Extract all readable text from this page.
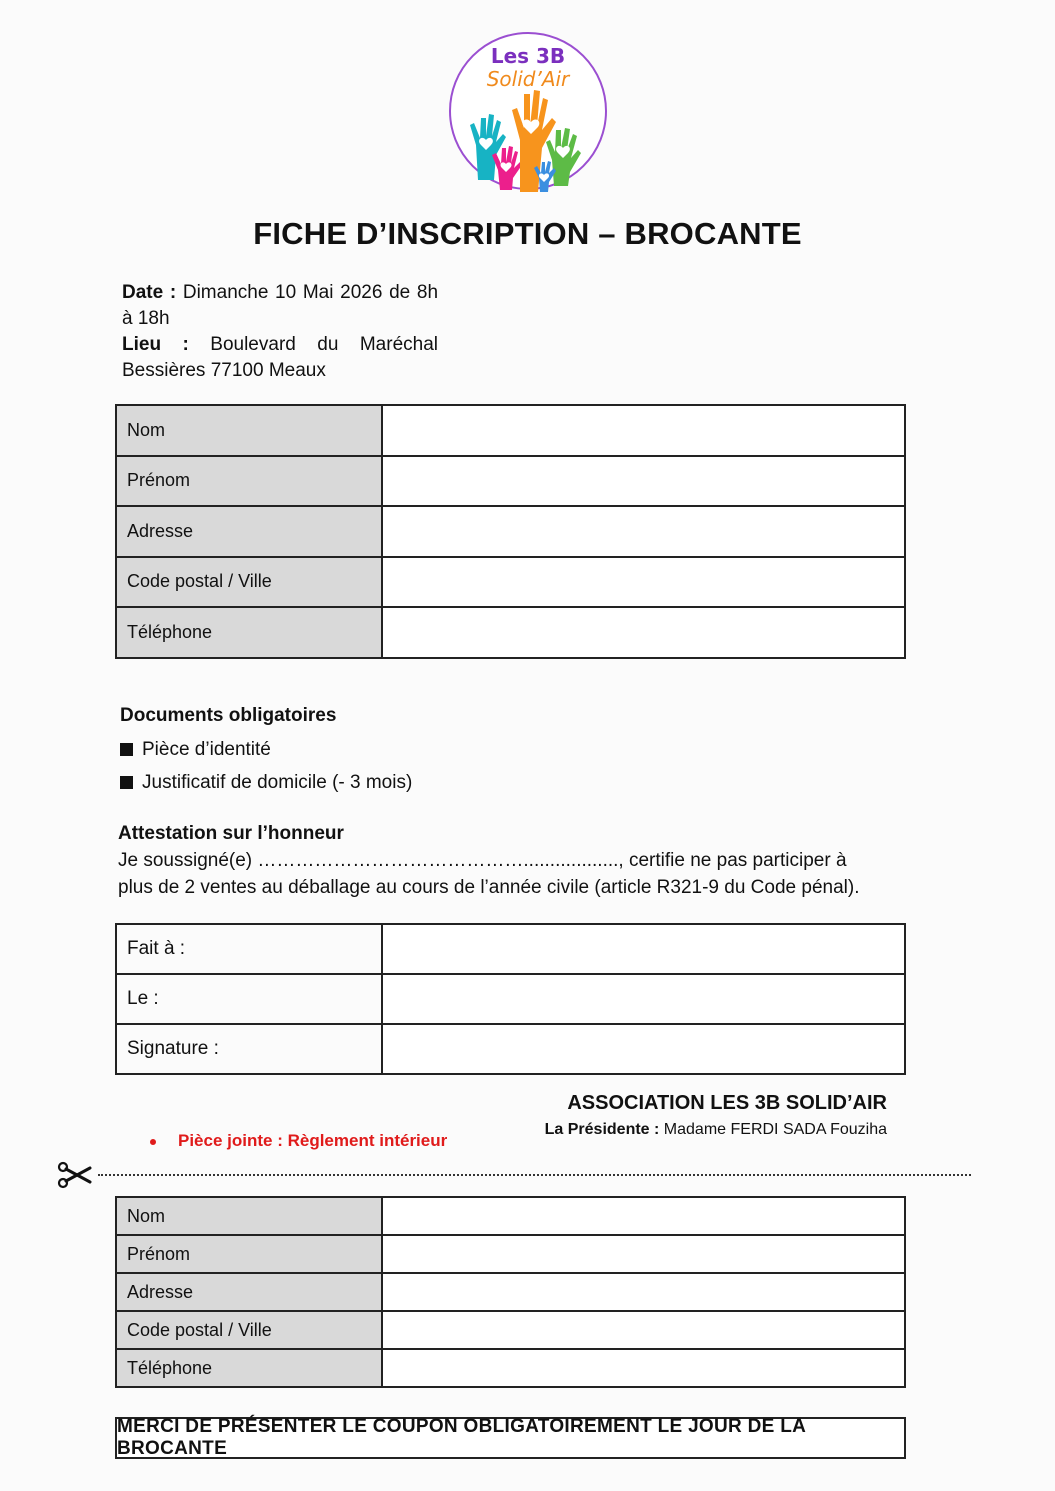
Les 3B
Solid’Air
FICHE D’INSCRIPTION – BROCANTE
Date : Dimanche 10 Mai 2026 de 8h
à 18h
Lieu : Boulevard du Maréchal
Bessières 77100 Meaux
Nom	
Prénom	
Adresse	
Code postal / Ville	
Téléphone	
Documents obligatoires
Pièce d’identité
Justificatif de domicile (- 3 mois)
Attestation sur l’honneur
Je soussigné(e) …………………………………….................., certifie ne pas participer à
plus de 2 ventes au déballage au cours de l’année civile (article R321-9 du Code pénal).
Fait à :	
Le :	
Signature :	
ASSOCIATION LES 3B SOLID’AIR
La Présidente : Madame FERDI SADA Fouziha
Pièce jointe : Règlement intérieur
Nom	
Prénom	
Adresse	
Code postal / Ville	
Téléphone	
MERCI DE PRÉSENTER LE COUPON OBLIGATOIREMENT LE JOUR DE LA BROCANTE
